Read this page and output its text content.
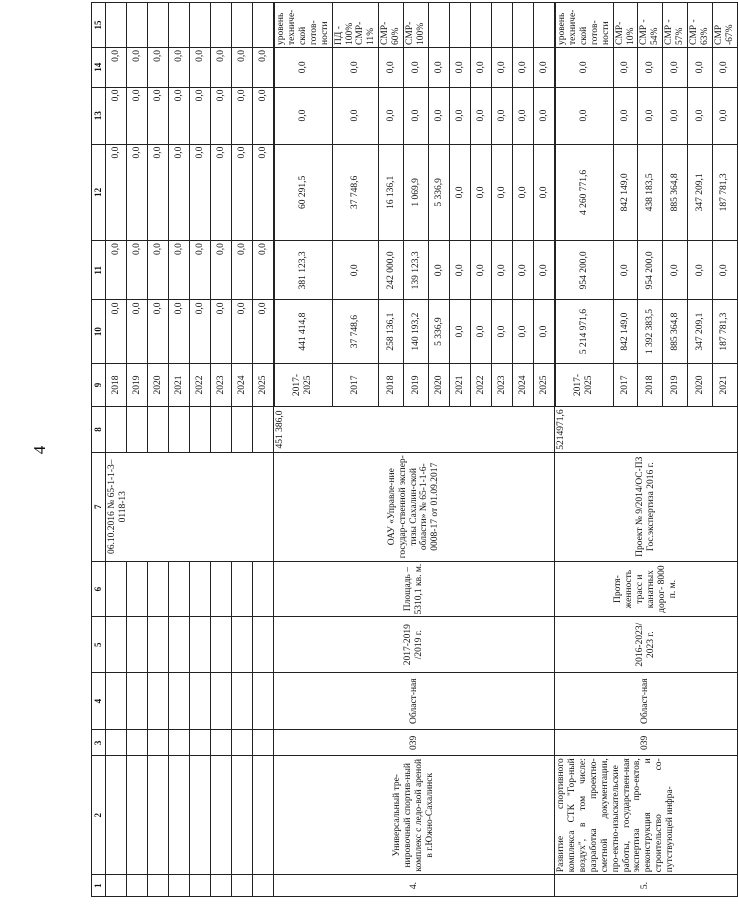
4
1	2	3	4	5	6	7	8	9	10	11	12	13	14	15
						06.10.2016 № 65-1-1-3–0118-13		2018	0,0	0,0	0,0	0,0	0,0	
								2019	0,0	0,0	0,0	0,0	0,0	
								2020	0,0	0,0	0,0	0,0	0,0	
								2021	0,0	0,0	0,0	0,0	0,0	
								2022	0,0	0,0	0,0	0,0	0,0	
								2023	0,0	0,0	0,0	0,0	0,0	
								2024	0,0	0,0	0,0	0,0	0,0	
								2025	0,0	0,0	0,0	0,0	0,0	
4.	Универсальный тре-нировочный спортив-ный комплекс с ледо-вой ареной в г.Южно-Сахалинск	039	Област-ная	2017-2019 /2019 г.	Площадь – 5310,1 кв. м.	ОАУ «Управле-ние государ-ственной экспер-тизы Сахалин-ской области» № 65-1-1-6-0008-17 от 01.09.2017	451 386,0							
								2017-2025	441 414,8	381 123,3	60 291,5	0,0	0,0	уровень техниче-ской готов-ности
								2017	37 748,6	0,0	37 748,6	0,0	0,0	ПД - 100% СМР- 11%
								2018	258 136,1	242 000,0	16 136,1	0,0	0,0	СМР- 60%
								2019	140 193,2	139 123,3	1 069,9	0,0	0,0	СМР- 100%
								2020	5 336,9	0,0	5 336,9	0,0	0,0	
								2021	0,0	0,0	0,0	0,0	0,0	
								2022	0,0	0,0	0,0	0,0	0,0	
								2023	0,0	0,0	0,0	0,0	0,0	
								2024	0,0	0,0	0,0	0,0	0,0	
								2025	0,0	0,0	0,0	0,0	0,0	
5.	Развитие спортивного комплекса СТК "Гор-ный воздух", в том числе: разработка проектно-сметной документации, про-ектно-изыскательские работы, государствен-ная экспертиза про-ектов, реконструкция и строительство со-путствующей инфра-	039	Област-ная	2016-2023/ 2023 г.	Протя-женность трасс и канатных дорог- 8000 п. м.	Проект № 9/2014/ОС-ПЗ Гос.экспертиза 2016 г.	5214971,6							
								2017-2025	5 214 971,6	954 200,0	4 260 771,6	0,0	0,0	уровень техниче-ской готов-ности
								2017	842 149,0	0,0	842 149,0	0,0	0,0	СМР- 10%
								2018	1 392 383,5	954 200,0	438 183,5	0,0	0,0	СМР - 54%
								2019	885 364,8	0,0	885 364,8	0,0	0,0	СМР - 57%
								2020	347 209,1	0,0	347 209,1	0,0	0,0	СМР - 63%
								2021	187 781,3	0,0	187 781,3	0,0	0,0	СМР -67%
